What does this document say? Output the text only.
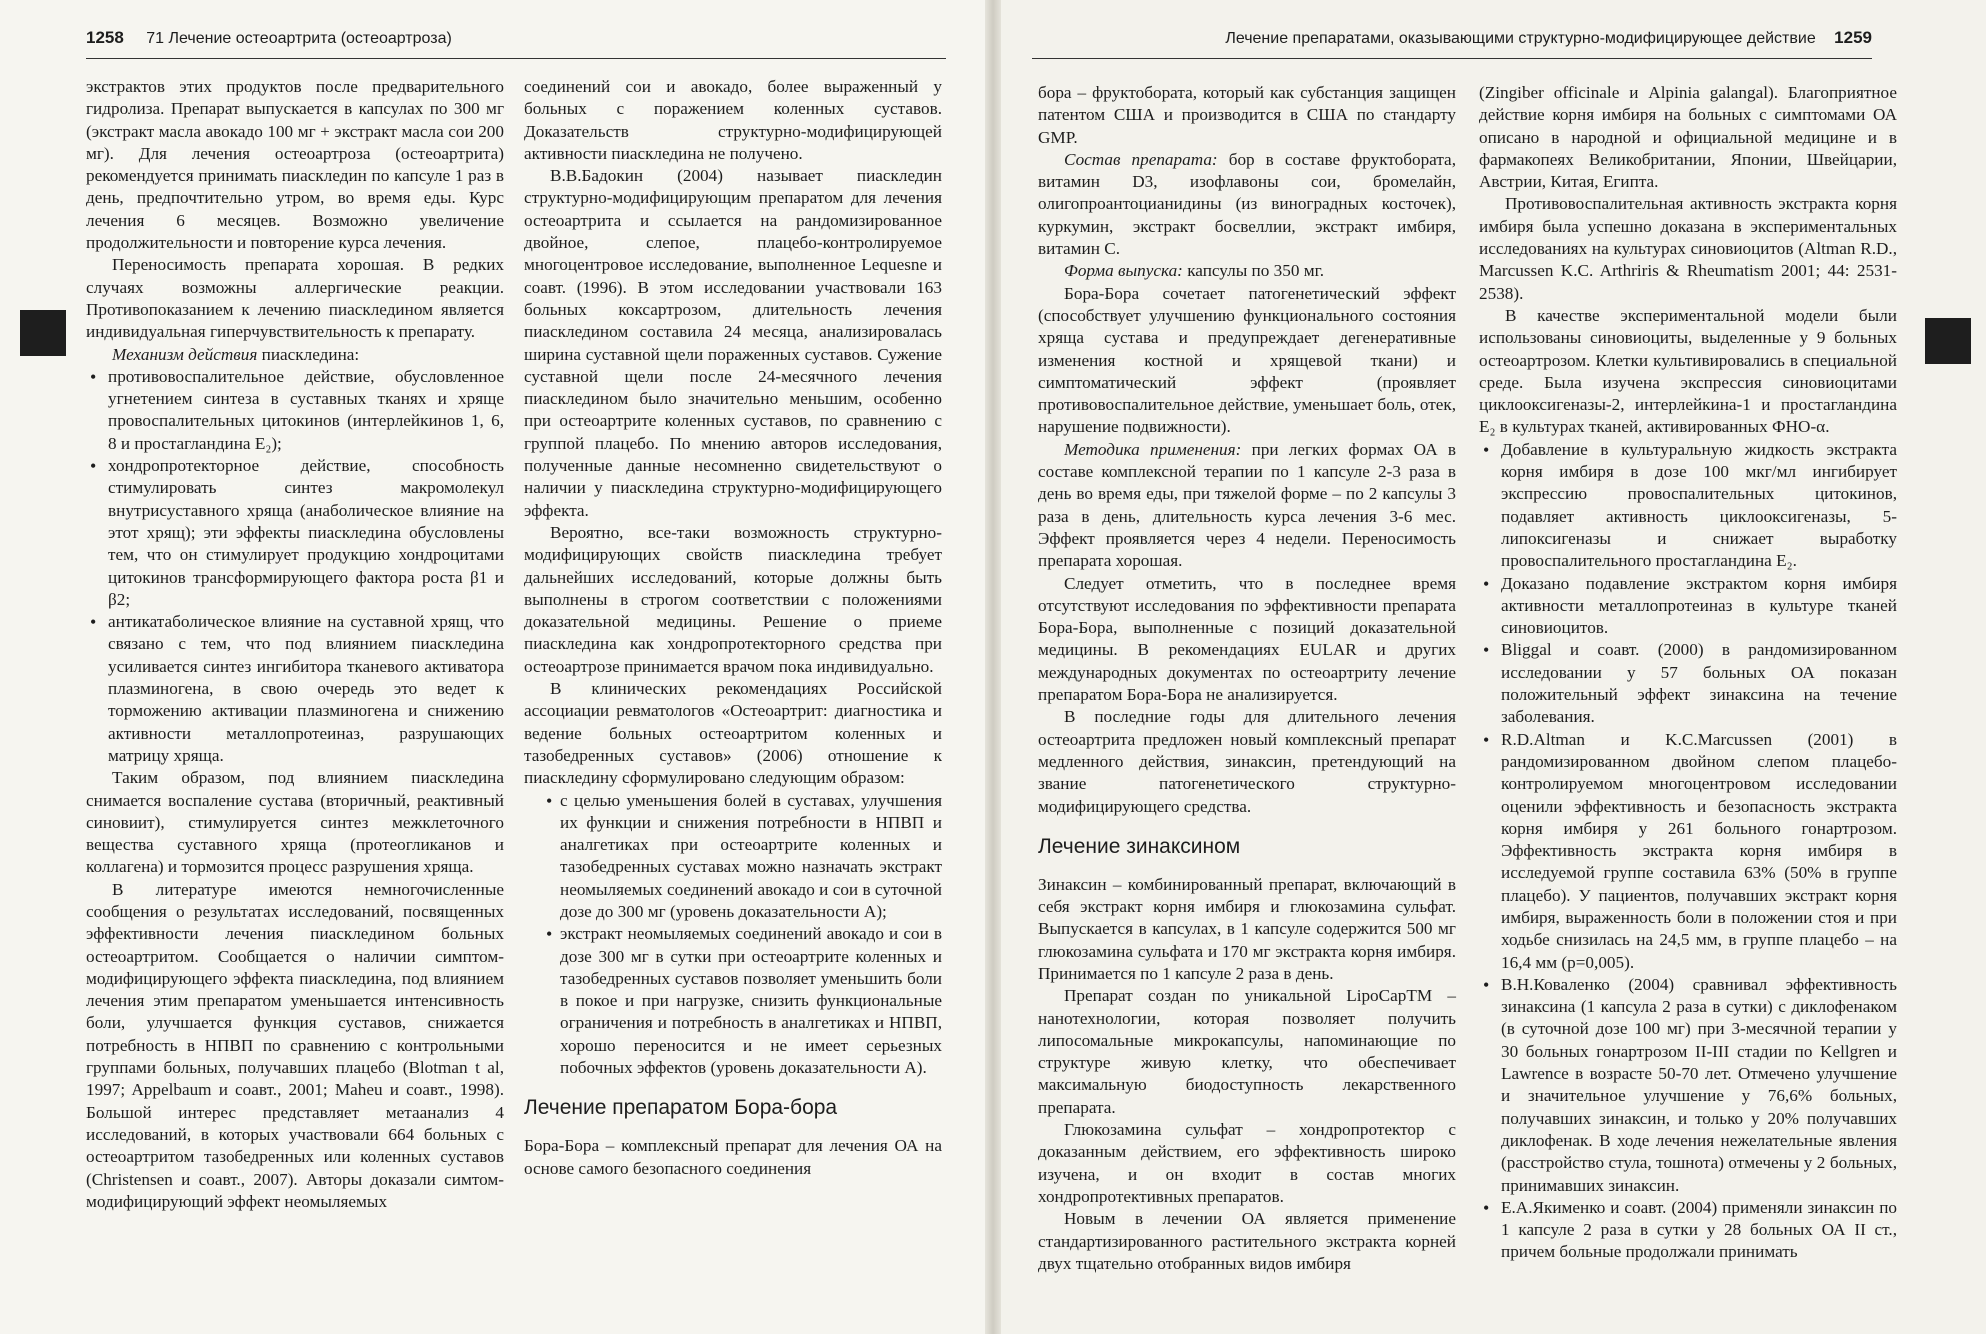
1258 71 Лечение остеоартрита (остеоартроза)

экстрактов этих продуктов после предварительного гидролиза. Препарат выпускается в капсулах по 300 мг (экстракт масла авокадо 100 мг + экстракт масла сои 200 мг). Для лечения остеоартроза (остеоартрита) рекомендуется принимать пиаскледин по капсуле 1 раз в день, предпочтительно утром, во время еды. Курс лечения 6 месяцев. Возможно увеличение продолжительности и повторение курса лечения.

Переносимость препарата хорошая. В редких случаях возможны аллергические реакции. Противопоказанием к лечению пиаскледином является индивидуальная гиперчувствительность к препарату.

Механизм действия пиаскледина:

• противовоспалительное действие, обусловленное угнетением синтеза в суставных тканях и хряще провоспалительных цитокинов (интерлейкинов 1, 6, 8 и простагландина E₂);
• хондропротекторное действие, способность стимулировать синтез макромолекул внутрисуставного хряща (анаболическое влияние на этот хрящ); эти эффекты пиаскледина обусловлены тем, что он стимулирует продукцию хондроцитами цитокинов трансформирующего фактора роста β1 и β2;
• антикатаболическое влияние на суставной хрящ, что связано с тем, что под влиянием пиаскледина усиливается синтез ингибитора тканевого активатора плазминогена, в свою очередь это ведет к торможению активации плазминогена и снижению активности металлопротеиназ, разрушающих матрицу хряща.

Таким образом, под влиянием пиаскледина снимается воспаление сустава (вторичный, реактивный синовиит), стимулируется синтез межклеточного вещества суставного хряща (протеогликанов и коллагена) и тормозится процесс разрушения хряща.

В литературе имеются немногочисленные сообщения о результатах исследований, посвященных эффективности лечения пиаскледином больных остеоартритом. Сообщается о наличии симптом-модифицирующего эффекта пиаскледина, под влиянием лечения этим препаратом уменьшается интенсивность боли, улучшается функция суставов, снижается потребность в НПВП по сравнению с контрольными группами больных, получавших плацебо (Blotman t al, 1997; Appelbaum и соавт., 2001; Maheu и соавт., 1998). Большой интерес представляет метаанализ 4 исследований, в которых участвовали 664 больных с остеоартритом тазобедренных или коленных суставов (Christensen и соавт., 2007). Авторы доказали симтом-модифицирующий эффект неомыляемых

соединений сои и авокадо, более выраженный у больных с поражением коленных суставов. Доказательств структурно-модифицирующей активности пиаскледина не получено.

В.В.Бадокин (2004) называет пиаскледин структурно-модифицирующим препаратом для лечения остеоартрита и ссылается на рандомизированное двойное, слепое, плацебо-контролируемое многоцентровое исследование, выполненное Lequesne и соавт. (1996). В этом исследовании участвовали 163 больных коксартрозом, длительность лечения пиаскледином составила 24 месяца, анализировалась ширина суставной щели пораженных суставов. Сужение суставной щели после 24-месячного лечения пиаскледином было значительно меньшим, особенно при остеоартрите коленных суставов, по сравнению с группой плацебо. По мнению авторов исследования, полученные данные несомненно свидетельствуют о наличии у пиаскледина структурно-модифицирующего эффекта.

Вероятно, все-таки возможность структурно-модифицирующих свойств пиаскледина требует дальнейших исследований, которые должны быть выполнены в строгом соответствии с положениями доказательной медицины. Решение о приеме пиаскледина как хондропротекторного средства при остеоартрозе принимается врачом пока индивидуально.

В клинических рекомендациях Российской ассоциации ревматологов «Остеоартрит: диагностика и ведение больных остеоартритом коленных и тазобедренных суставов» (2006) отношение к пиаскледину сформулировано следующим образом:

• с целью уменьшения болей в суставах, улучшения их функции и снижения потребности в НПВП и аналгетиках при остеоартрите коленных и тазобедренных суставах можно назначать экстракт неомыляемых соединений авокадо и сои в суточной дозе до 300 мг (уровень доказательности А);
• экстракт неомыляемых соединений авокадо и сои в дозе 300 мг в сутки при остеоартрите коленных и тазобедренных суставов позволяет уменьшить боли в покое и при нагрузке, снизить функциональные ограничения и потребность в аналгетиках и НПВП, хорошо переносится и не имеет серьезных побочных эффектов (уровень доказательности А).
Лечение препаратом Бора-бора

Бора-Бора – комплексный препарат для лечения ОА на основе самого безопасного соединения

Лечение препаратами, оказывающими структурно-модифицирующее действие 1259

бора – фруктобората, который как субстанция защищен патентом США и производится в США по стандарту GMP.

Состав препарата: бор в составе фруктобората, витамин D3, изофлавоны сои, бромелайн, олигопроантоцианидины (из виноградных косточек), куркумин, экстракт босвеллии, экстракт имбиря, витамин С.

Форма выпуска: капсулы по 350 мг.

Бора-Бора сочетает патогенетический эффект (способствует улучшению функционального состояния хряща сустава и предупреждает дегенеративные изменения костной и хрящевой ткани) и симптоматический эффект (проявляет противовоспалительное действие, уменьшает боль, отек, нарушение подвижности).

Методика применения: при легких формах ОА в составе комплексной терапии по 1 капсуле 2-3 раза в день во время еды, при тяжелой форме – по 2 капсулы 3 раза в день, длительность курса лечения 3-6 мес. Эффект проявляется через 4 недели. Переносимость препарата хорошая.

Следует отметить, что в последнее время отсутствуют исследования по эффективности препарата Бора-Бора, выполненные с позиций доказательной медицины. В рекомендациях EULAR и других международных документах по остеоартриту лечение препаратом Бора-Бора не анализируется.

В последние годы для длительного лечения остеоартрита предложен новый комплексный препарат медленного действия, зинаксин, претендующий на звание патогенетического структурно-модифицирующего средства.

Лечение зинаксином

Зинаксин – комбинированный препарат, включающий в себя экстракт корня имбиря и глюкозамина сульфат. Выпускается в капсулах, в 1 капсуле содержится 500 мг глюкозамина сульфата и 170 мг экстракта корня имбиря. Принимается по 1 капсуле 2 раза в день.

Препарат создан по уникальной LipoCapTM – нанотехнологии, которая позволяет получить липосомальные микрокапсулы, напоминающие по структуре живую клетку, что обеспечивает максимальную биодоступность лекарственного препарата.

Глюкозамина сульфат – хондропротектор с доказанным действием, его эффективность широко изучена, и он входит в состав многих хондропротективных препаратов.

Новым в лечении ОА является применение стандартизированного растительного экстракта корней двух тщательно отобранных видов имбиря

(Zingiber officinale и Alpinia galangal). Благоприятное действие корня имбиря на больных с симптомами ОА описано в народной и официальной медицине и в фармакопеях Великобритании, Японии, Швейцарии, Австрии, Китая, Египта.

Противовоспалительная активность экстракта корня имбиря была успешно доказана в экспериментальных исследованиях на культурах синовиоцитов (Altman R.D., Marcussen K.C. Arthriris & Rheumatism 2001; 44: 2531-2538).

В качестве экспериментальной модели были использованы синовиоциты, выделенные у 9 больных остеоартрозом. Клетки культивировались в специальной среде. Была изучена экспрессия синовиоцитами циклооксигеназы-2, интерлейкина-1 и простагландина E₂ в культурах тканей, активированных ФНО-α.

• Добавление в культуральную жидкость экстракта корня имбиря в дозе 100 мкг/мл ингибирует экспрессию провоспалительных цитокинов, подавляет активность циклооксигеназы, 5-липоксигеназы и снижает выработку провоспалительного простагландина E₂.
• Доказано подавление экстрактом корня имбиря активности металлопротеиназ в культуре тканей синовиоцитов.
• Bliggal и соавт. (2000) в рандомизированном исследовании у 57 больных ОА показан положительный эффект зинаксина на течение заболевания.
• R.D.Altman и K.C.Marcussen (2001) в рандомизированном двойном слепом плацебо-контролируемом многоцентровом исследовании оценили эффективность и безопасность экстракта корня имбиря у 261 больного гонартрозом. Эффективность экстракта корня имбиря в исследуемой группе составила 63% (50% в группе плацебо). У пациентов, получавших экстракт корня имбиря, выраженность боли в положении стоя и при ходьбе снизилась на 24,5 мм, в группе плацебо – на 16,4 мм (р=0,005).
• В.Н.Коваленко (2004) сравнивал эффективность зинаксина (1 капсула 2 раза в сутки) с диклофенаком (в суточной дозе 100 мг) при 3-месячной терапии у 30 больных гонартрозом II-III стадии по Kellgren и Lawrence в возрасте 50-70 лет. Отмечено улучшение и значительное улучшение у 76,6% больных, получавших зинаксин, и только у 20% получавших диклофенак. В ходе лечения нежелательные явления (расстройство стула, тошнота) отмечены у 2 больных, принимавших зинаксин.
• Е.А.Якименко и соавт. (2004) применяли зинаксин по 1 капсуле 2 раза в сутки у 28 больных ОА II ст., причем больные продолжали принимать
